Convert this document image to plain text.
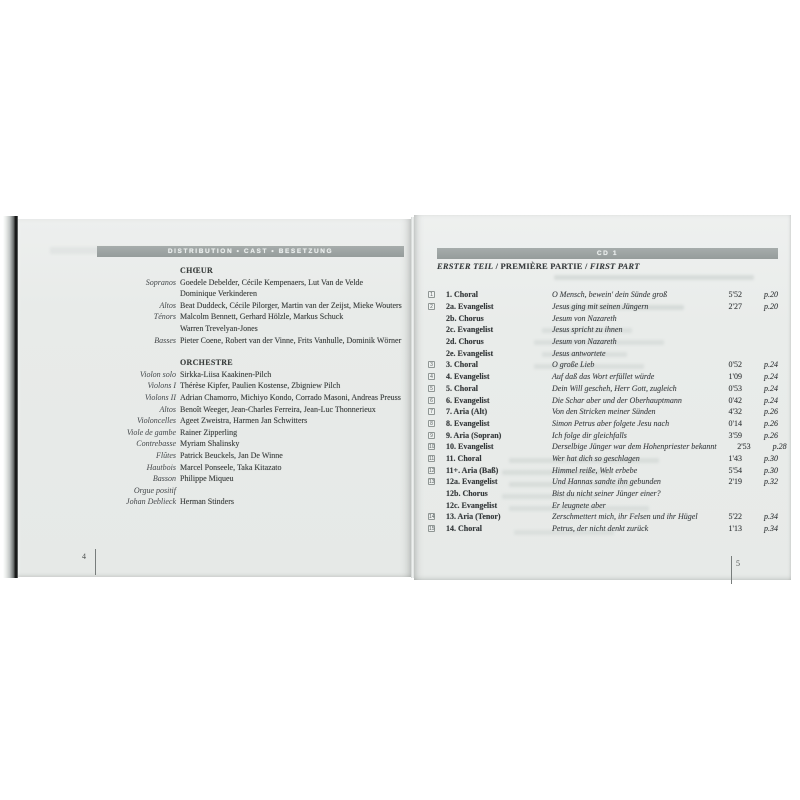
DISTRIBUTION • CAST • BESETZUNG
CHŒUR
Sopranos Goedele Debelder, Cécile Kempenaers, Lut Van de Velde
Dominique Verkinderen
Altos Beat Duddeck, Cécile Pilorger, Martin van der Zeijst, Mieke Wouters
Ténors Malcolm Bennett, Gerhard Hölzle, Markus Schuck
Warren Trevelyan-Jones
Basses Pieter Coene, Robert van der Vinne, Frits Vanhulle, Dominik Wörner
ORCHESTRE
Violon solo Sirkka-Liisa Kaakinen-Pilch
Violons I Thérèse Kipfer, Paulien Kostense, Zbigniew Pilch
Violons II Adrian Chamorro, Michiyo Kondo, Corrado Masoni, Andreas Preuss
Altos Benoît Weeger, Jean-Charles Ferreira, Jean-Luc Thonnerieux
Violoncelles Ageet Zweistra, Harmen Jan Schwitters
Viole de gambe Rainer Zipperling
Contrebasse Myriam Shalinsky
Flûtes Patrick Beuckels, Jan De Winne
Hautbois Marcel Ponseele, Taka Kitazato
Basson Philippe Miqueu
Orgue positif
Johan Deblieck Herman Stinders
4
CD 1
ERSTER TEIL / PREMIÈRE PARTIE / FIRST PART
1 1. Choral	O Mensch, bewein' dein Sünde groß	5'52	p.20
2 2a. Evangelist	Jesus ging mit seinen Jüngern	2'27	p.20
2b. Chorus	Jesum von Nazareth
2c. Evangelist	Jesus spricht zu ihnen
2d. Chorus	Jesum von Nazareth
2e. Evangelist	Jesus antwortete
3 3. Choral	O große Lieb	0'52	p.24
4 4. Evangelist	Auf daß das Wort erfüllet würde	1'09	p.24
5 5. Choral	Dein Will gescheh, Herr Gott, zugleich	0'53	p.24
6 6. Evangelist	Die Schar aber und der Oberhauptmann	0'42	p.24
7 7. Aria (Alt)	Von den Stricken meiner Sünden	4'32	p.26
8 8. Evangelist	Simon Petrus aber folgete Jesu nach	0'14	p.26
9 9. Aria (Sopran)	Ich folge dir gleichfalls	3'59	p.26
10 10. Evangelist	Derselbige Jünger war dem Hohenpriester bekannt	2'53	p.28
11 11. Choral	Wer hat dich so geschlagen	1'43	p.30
12 11+. Aria (Baß)	Himmel reiße, Welt erbebe	5'54	p.30
13 12a. Evangelist	Und Hannas sandte ihn gebunden	2'19	p.32
12b. Chorus	Bist du nicht seiner Jünger einer?
12c. Evangelist	Er leugnete aber
14 13. Aria (Tenor)	Zerschmettert mich, ihr Felsen und ihr Hügel	5'22	p.34
15 14. Choral	Petrus, der nicht denkt zurück	1'13	p.34
5
